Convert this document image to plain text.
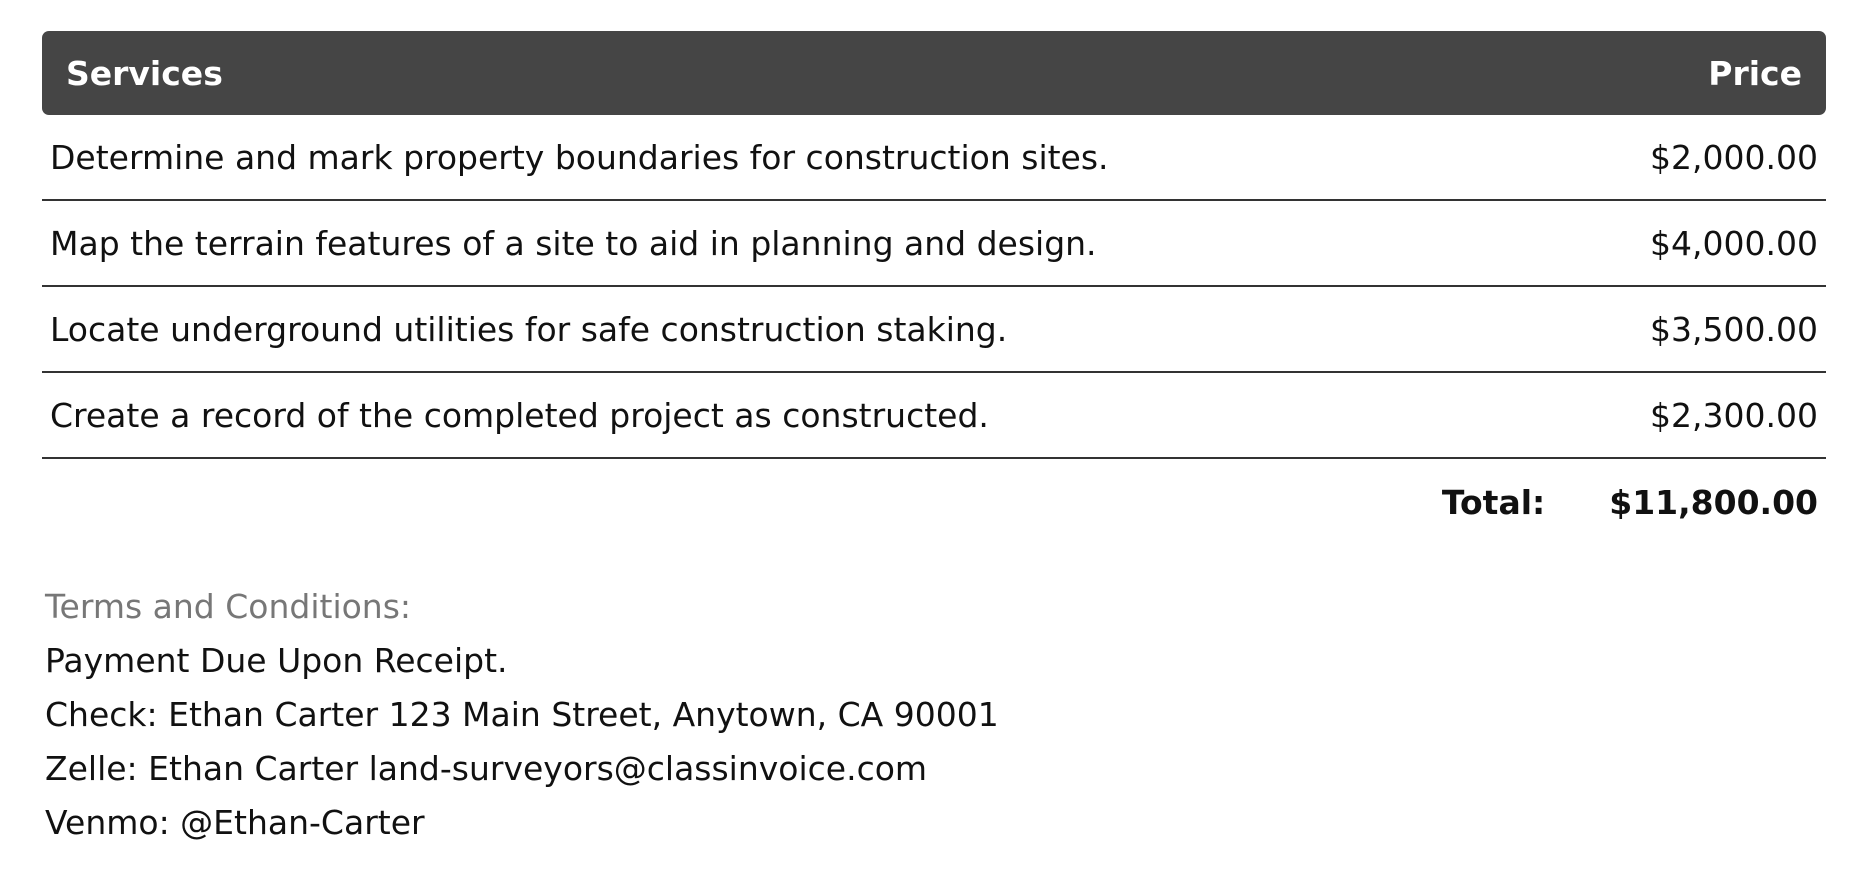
Services	Price
Determine and mark property boundaries for construction sites.	$2,000.00
Map the terrain features of a site to aid in planning and design.	$4,000.00
Locate underground utilities for safe construction staking.	$3,500.00
Create a record of the completed project as constructed.	$2,300.00
Total: $11,800.00
Terms and Conditions:
Payment Due Upon Receipt.
Check: Ethan Carter 123 Main Street, Anytown, CA 90001
Zelle: Ethan Carter land-surveyors@classinvoice.com
Venmo: @Ethan-Carter
